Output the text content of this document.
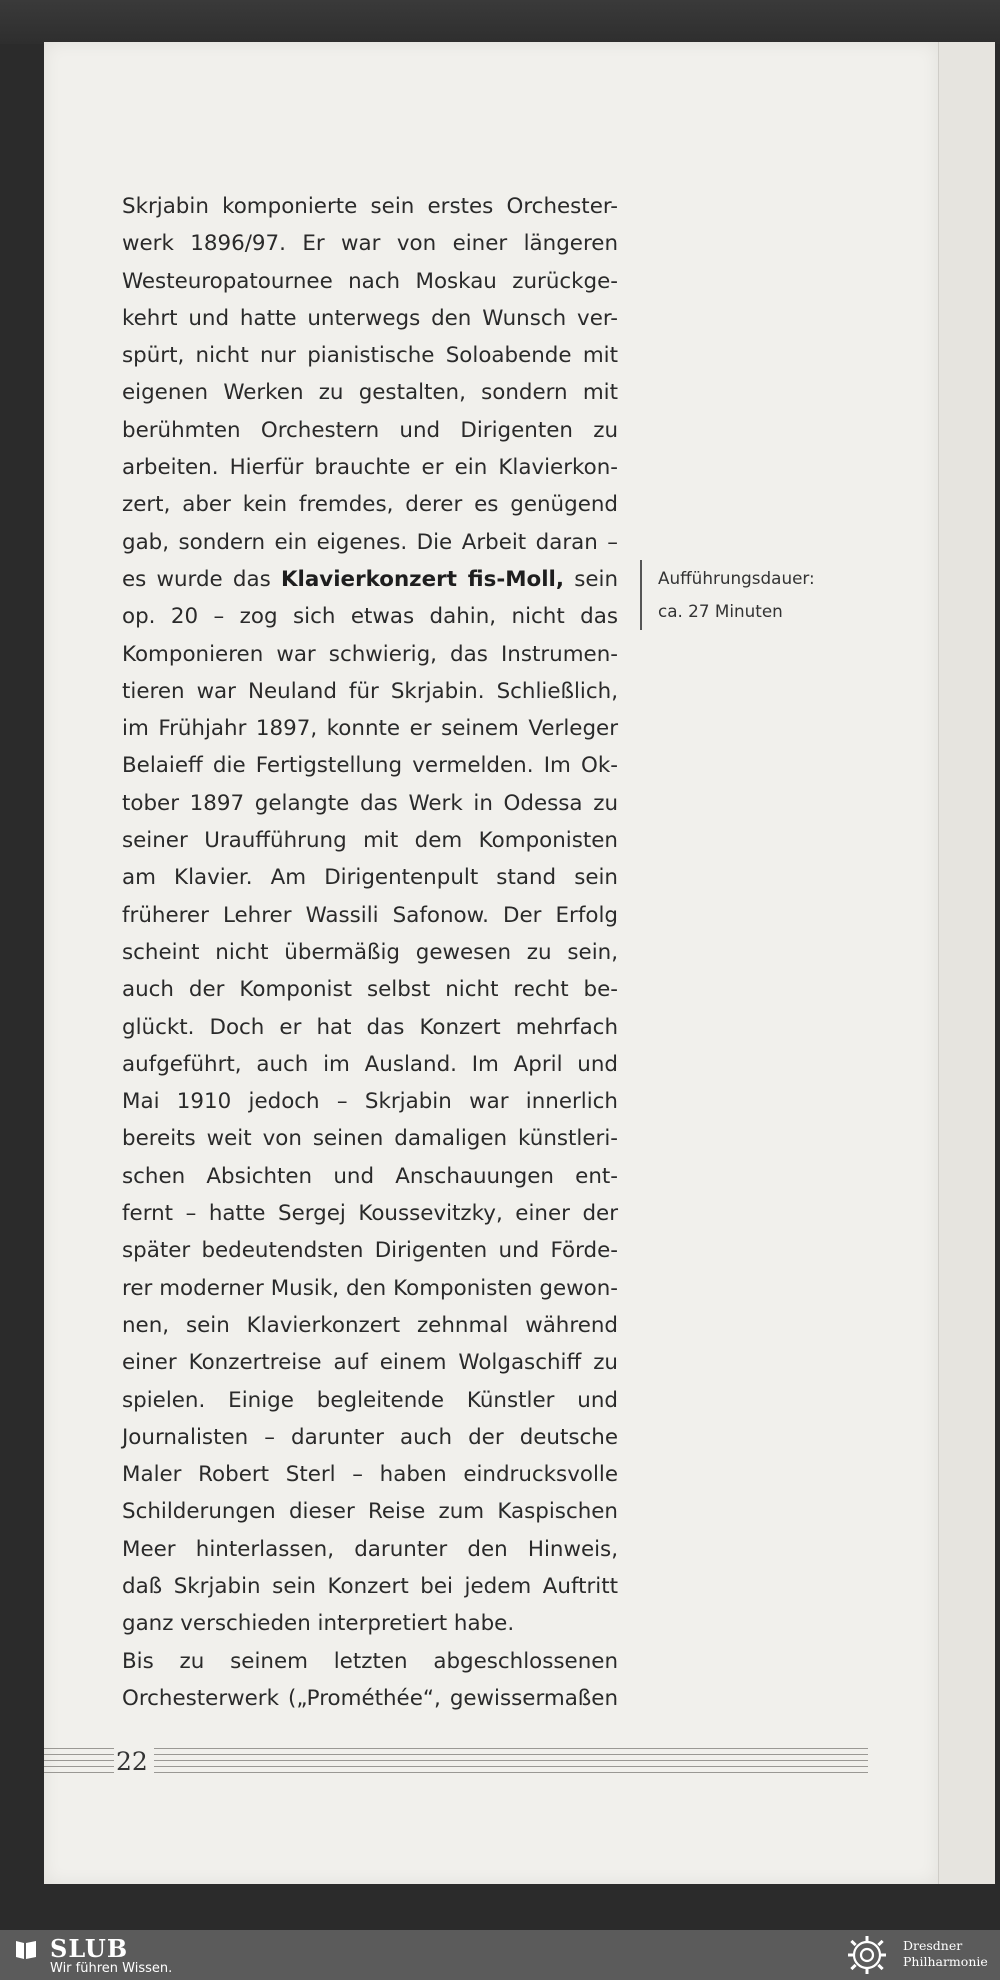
Skrjabin komponierte sein erstes Orchester-
werk 1896/97. Er war von einer längeren
Westeuropatournee nach Moskau zurückge-
kehrt und hatte unterwegs den Wunsch ver-
spürt, nicht nur pianistische Soloabende mit
eigenen Werken zu gestalten, sondern mit
berühmten Orchestern und Dirigenten zu
arbeiten. Hierfür brauchte er ein Klavierkon-
zert, aber kein fremdes, derer es genügend
gab, sondern ein eigenes. Die Arbeit daran –
es wurde das Klavierkonzert fis-Moll, sein
op. 20 – zog sich etwas dahin, nicht das
Komponieren war schwierig, das Instrumen-
tieren war Neuland für Skrjabin. Schließlich,
im Frühjahr 1897, konnte er seinem Verleger
Belaieff die Fertigstellung vermelden. Im Ok-
tober 1897 gelangte das Werk in Odessa zu
seiner Uraufführung mit dem Komponisten
am Klavier. Am Dirigentenpult stand sein
früherer Lehrer Wassili Safonow. Der Erfolg
scheint nicht übermäßig gewesen zu sein,
auch der Komponist selbst nicht recht be-
glückt. Doch er hat das Konzert mehrfach
aufgeführt, auch im Ausland. Im April und
Mai 1910 jedoch – Skrjabin war innerlich
bereits weit von seinen damaligen künstleri-
schen Absichten und Anschauungen ent-
fernt – hatte Sergej Koussevitzky, einer der
später bedeutendsten Dirigenten und Förde-
rer moderner Musik, den Komponisten gewon-
nen, sein Klavierkonzert zehnmal während
einer Konzertreise auf einem Wolgaschiff zu
spielen. Einige begleitende Künstler und
Journalisten – darunter auch der deutsche
Maler Robert Sterl – haben eindrucksvolle
Schilderungen dieser Reise zum Kaspischen
Meer hinterlassen, darunter den Hinweis,
daß Skrjabin sein Konzert bei jedem Auftritt
ganz verschieden interpretiert habe.
Bis zu seinem letzten abgeschlossenen
Orchesterwerk („Prométhée“, gewissermaßen
Aufführungsdauer:
ca. 27 Minuten
22
SLUB
Wir führen Wissen.
Dresdner
Philharmonie
